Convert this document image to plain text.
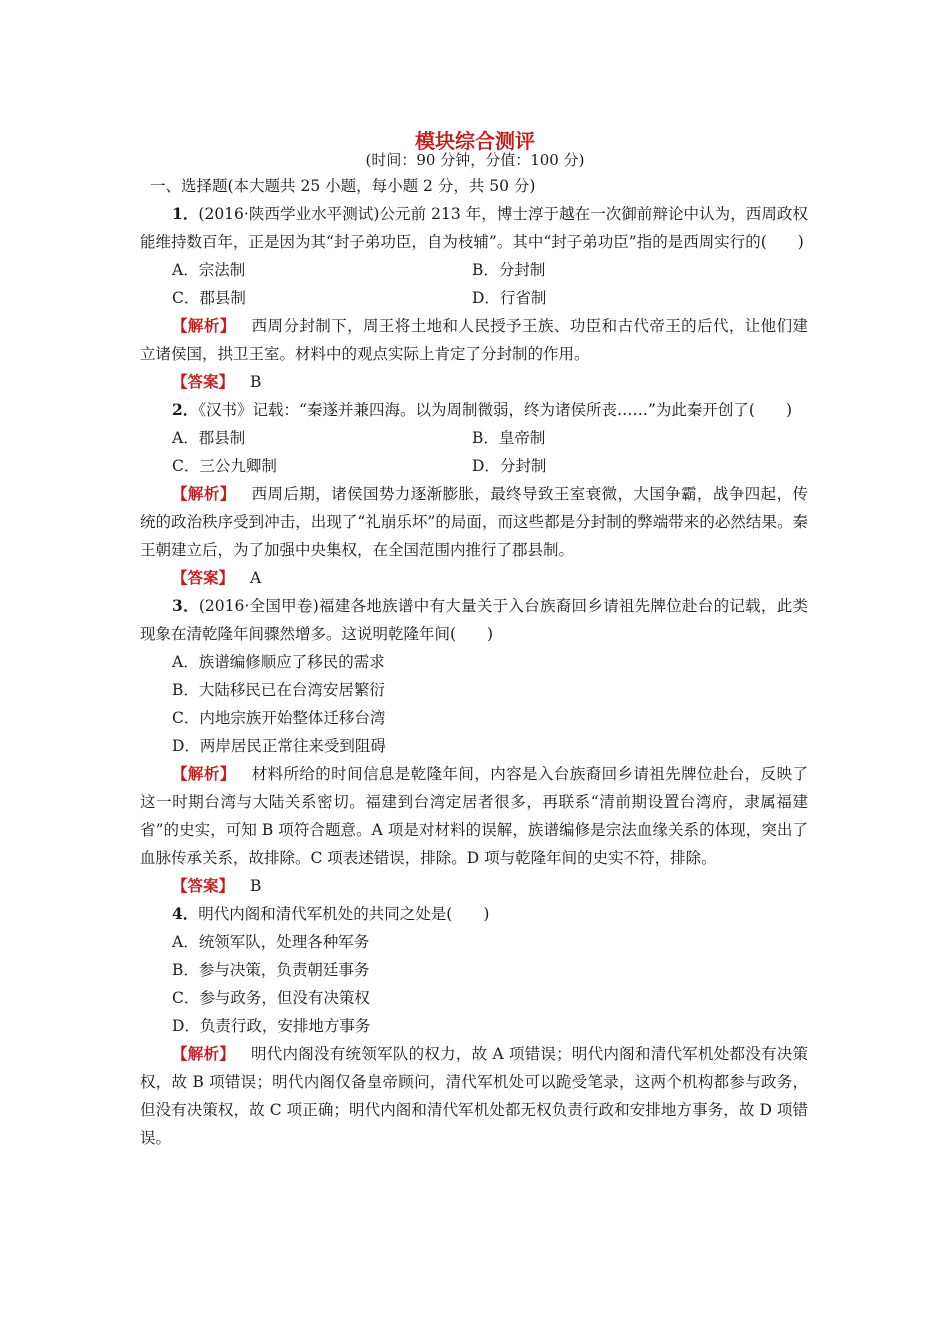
模块综合测评
(时间：90 分钟，分值：100 分)

一、选择题(本大题共 25 小题，每小题 2 分，共 50 分)

1．(2016·陕西学业水平测试)公元前 213 年，博士淳于越在一次御前辩论中认为，西周政权能维持数百年，正是因为其“封子弟功臣，自为枝辅”。其中“封子弟功臣”指的是西周实行的(　　)

A．宗法制	B．分封制
C．郡县制	D．行省制

【解析】 西周分封制下，周王将土地和人民授予王族、功臣和古代帝王的后代，让他们建立诸侯国，拱卫王室。材料中的观点实际上肯定了分封制的作用。

【答案】 B

2．《汉书》记载：“秦遂并兼四海。以为周制微弱，终为诸侯所丧……”为此秦开创了(　　)

A．郡县制	B．皇帝制
C．三公九卿制	D．分封制

【解析】 西周后期，诸侯国势力逐渐膨胀，最终导致王室衰微，大国争霸，战争四起，传统的政治秩序受到冲击，出现了“礼崩乐坏”的局面，而这些都是分封制的弊端带来的必然结果。秦王朝建立后，为了加强中央集权，在全国范围内推行了郡县制。

【答案】 A

3．(2016·全国甲卷)福建各地族谱中有大量关于入台族裔回乡请祖先牌位赴台的记载，此类现象在清乾隆年间骤然增多。这说明乾隆年间(　　)

A．族谱编修顺应了移民的需求

B．大陆移民已在台湾安居繁衍

C．内地宗族开始整体迁移台湾

D．两岸居民正常往来受到阻碍

【解析】 材料所给的时间信息是乾隆年间，内容是入台族裔回乡请祖先牌位赴台，反映了这一时期台湾与大陆关系密切。福建到台湾定居者很多，再联系“清前期设置台湾府，隶属福建省”的史实，可知 B 项符合题意。A 项是对材料的误解，族谱编修是宗法血缘关系的体现，突出了血脉传承关系，故排除。C 项表述错误，排除。D 项与乾隆年间的史实不符，排除。

【答案】 B

4．明代内阁和清代军机处的共同之处是(　　)

A．统领军队，处理各种军务

B．参与决策，负责朝廷事务

C．参与政务，但没有决策权

D．负责行政，安排地方事务

【解析】 明代内阁没有统领军队的权力，故 A 项错误；明代内阁和清代军机处都没有决策权，故 B 项错误；明代内阁仅备皇帝顾问，清代军机处可以跪受笔录，这两个机构都参与政务，但没有决策权，故 C 项正确；明代内阁和清代军机处都无权负责行政和安排地方事务，故 D 项错误。
